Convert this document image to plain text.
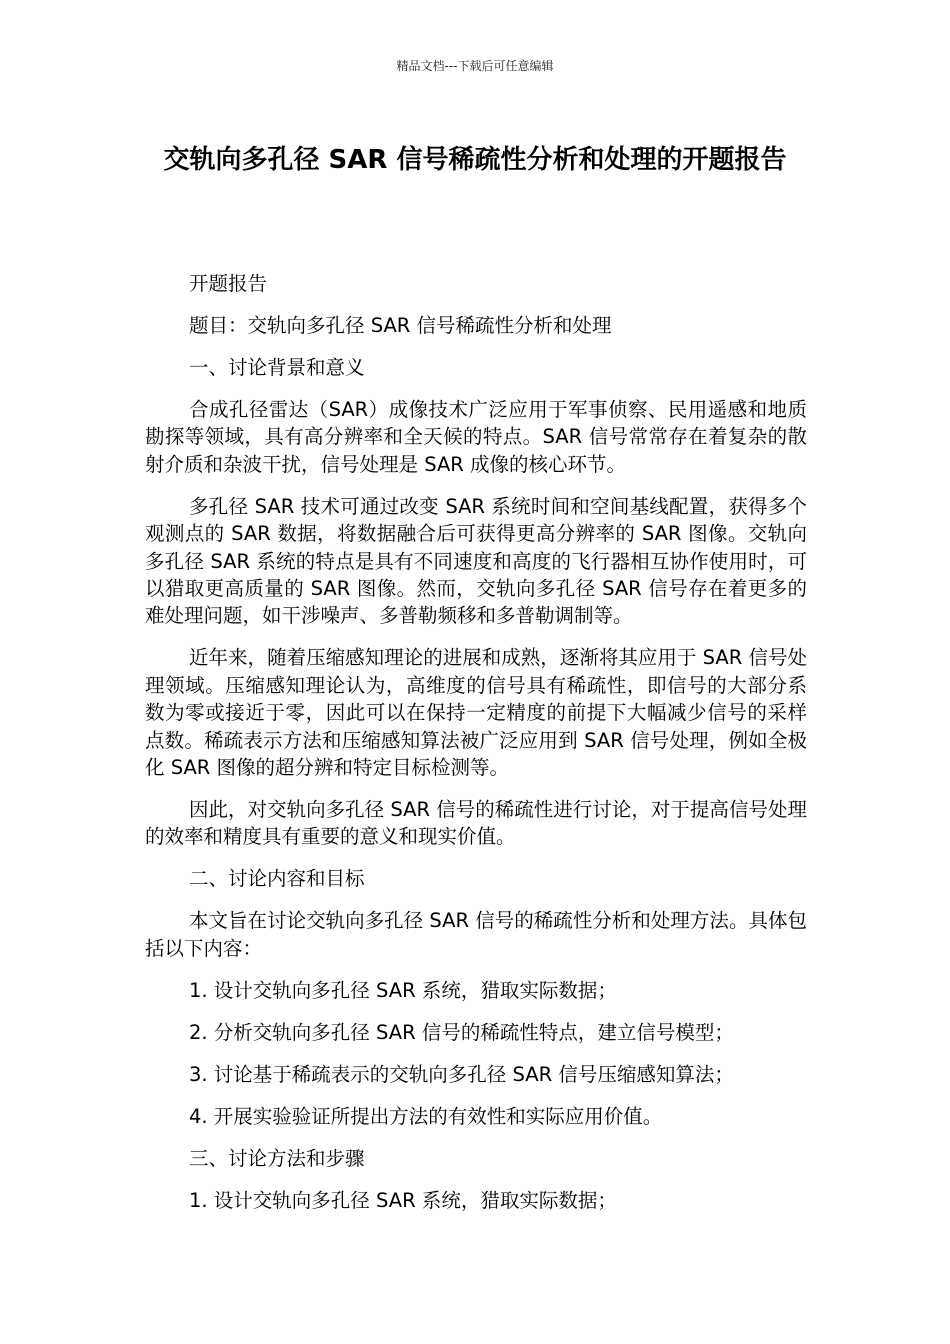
精品文档---下载后可任意编辑
交轨向多孔径 SAR 信号稀疏性分析和处理的开题报告

开题报告

题目：交轨向多孔径 SAR 信号稀疏性分析和处理

一、讨论背景和意义

合成孔径雷达（SAR）成像技术广泛应用于军事侦察、民用遥感和地质勘探等领域，具有高分辨率和全天候的特点。SAR 信号常常存在着复杂的散射介质和杂波干扰，信号处理是 SAR 成像的核心环节。

多孔径 SAR 技术可通过改变 SAR 系统时间和空间基线配置，获得多个观测点的 SAR 数据，将数据融合后可获得更高分辨率的 SAR 图像。交轨向多孔径 SAR 系统的特点是具有不同速度和高度的飞行器相互协作使用时，可以猎取更高质量的 SAR 图像。然而，交轨向多孔径 SAR 信号存在着更多的难处理问题，如干涉噪声、多普勒频移和多普勒调制等。

近年来，随着压缩感知理论的进展和成熟，逐渐将其应用于 SAR 信号处理领域。压缩感知理论认为，高维度的信号具有稀疏性，即信号的大部分系数为零或接近于零，因此可以在保持一定精度的前提下大幅减少信号的采样点数。稀疏表示方法和压缩感知算法被广泛应用到 SAR 信号处理，例如全极化 SAR 图像的超分辨和特定目标检测等。

因此，对交轨向多孔径 SAR 信号的稀疏性进行讨论，对于提高信号处理的效率和精度具有重要的意义和现实价值。

二、讨论内容和目标

本文旨在讨论交轨向多孔径 SAR 信号的稀疏性分析和处理方法。具体包括以下内容：

1. 设计交轨向多孔径 SAR 系统，猎取实际数据；

2. 分析交轨向多孔径 SAR 信号的稀疏性特点，建立信号模型；

3. 讨论基于稀疏表示的交轨向多孔径 SAR 信号压缩感知算法；

4. 开展实验验证所提出方法的有效性和实际应用价值。

三、讨论方法和步骤

1. 设计交轨向多孔径 SAR 系统，猎取实际数据；
